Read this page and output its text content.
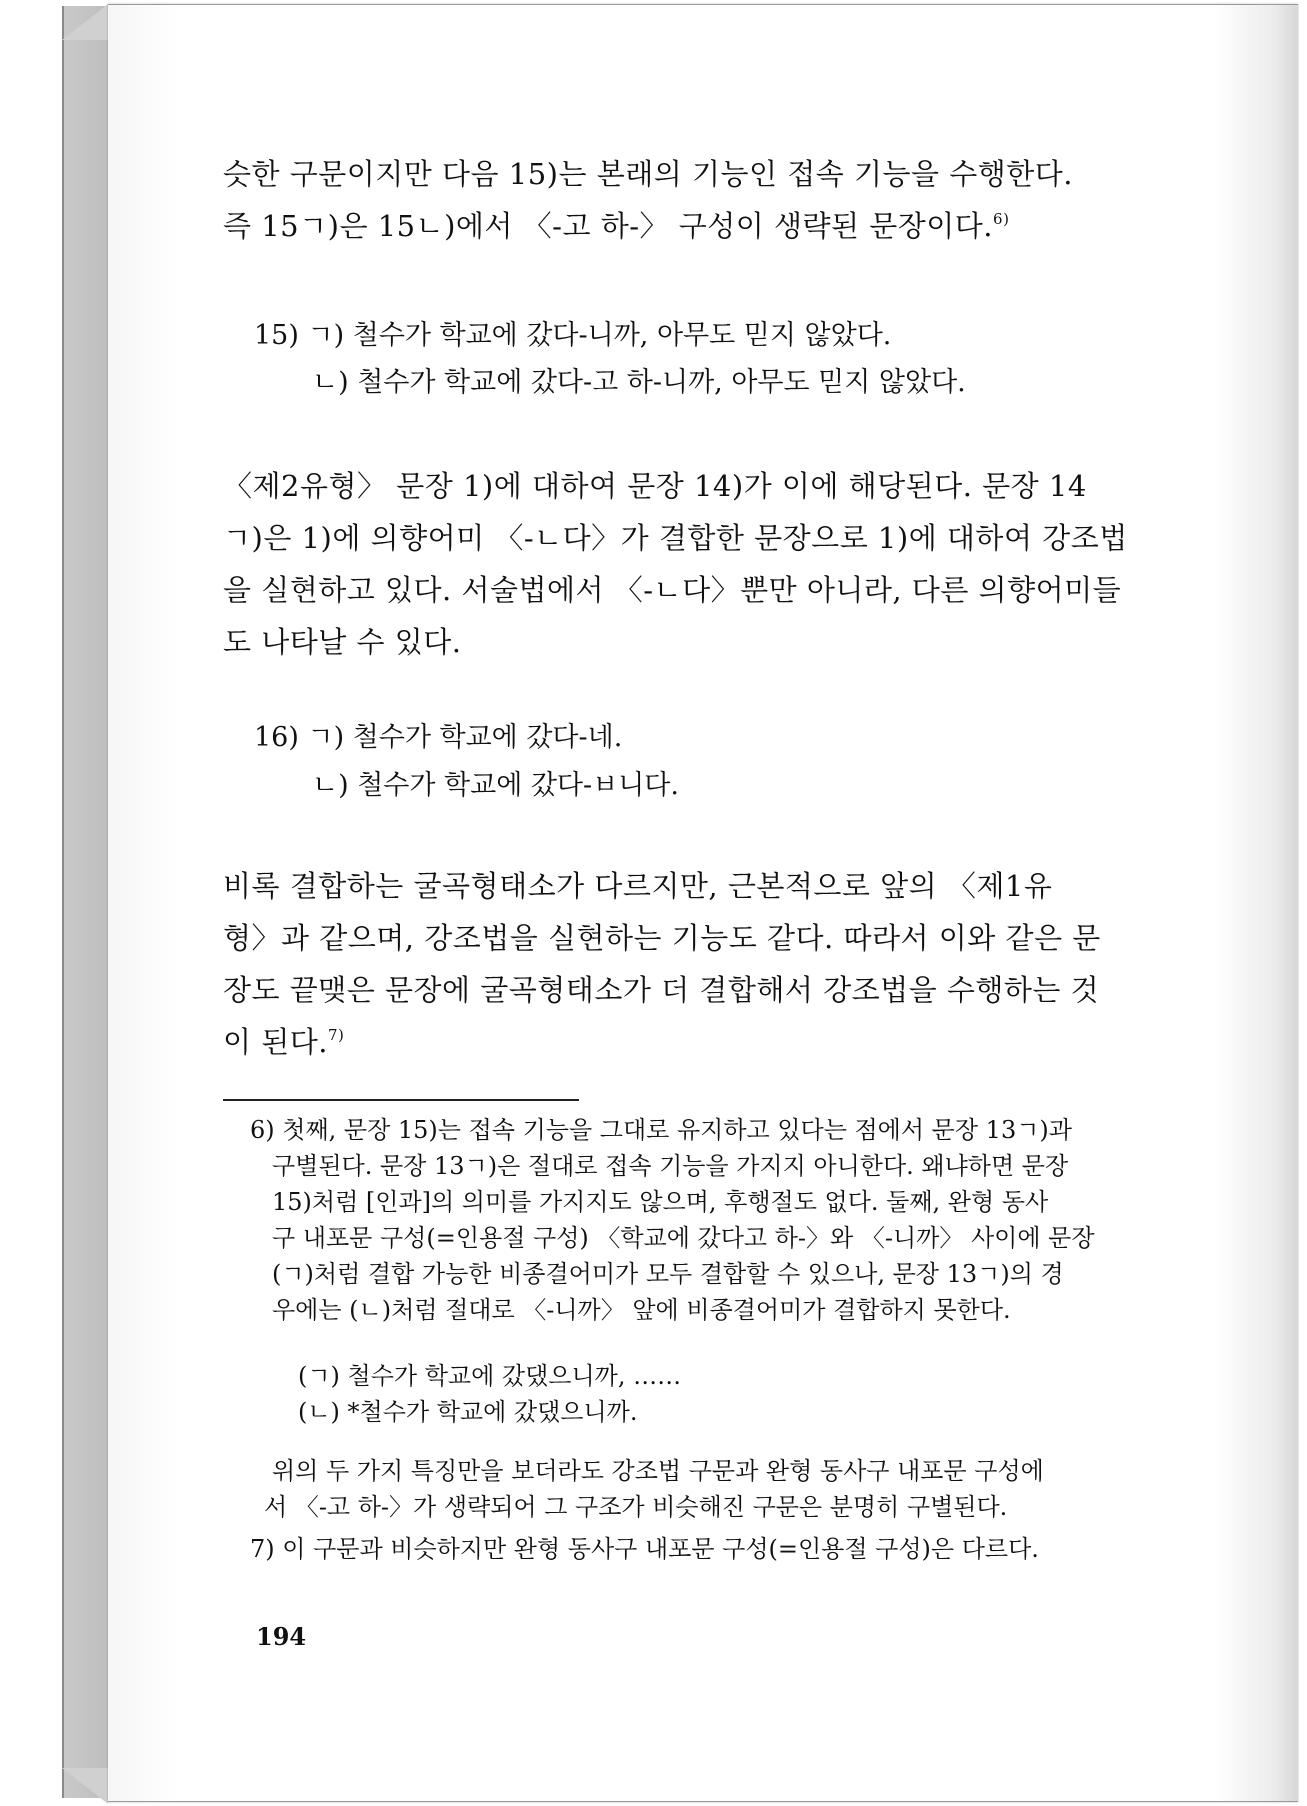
슷한 구문이지만 다음 15)는 본래의 기능인 접속 기능을 수행한다.

즉 15ㄱ)은 15ㄴ)에서 〈-고 하-〉 구성이 생략된 문장이다.$^{6)}$

15) ㄱ) 철수가 학교에 갔다-니까, 아무도 믿지 않았다.

ㄴ) 철수가 학교에 갔다-고 하-니까, 아무도 믿지 않았다.

〈제2유형〉 문장 1)에 대하여 문장 14)가 이에 해당된다. 문장 14

ㄱ)은 1)에 의향어미 〈-ㄴ다〉가 결합한 문장으로 1)에 대하여 강조법

을 실현하고 있다. 서술법에서 〈-ㄴ다〉뿐만 아니라, 다른 의향어미들

도 나타날 수 있다.

16) ㄱ) 철수가 학교에 갔다-네.

ㄴ) 철수가 학교에 갔다-ㅂ니다.

비록 결합하는 굴곡형태소가 다르지만, 근본적으로 앞의 〈제1유

형〉과 같으며, 강조법을 실현하는 기능도 같다. 따라서 이와 같은 문

장도 끝맺은 문장에 굴곡형태소가 더 결합해서 강조법을 수행하는 것

이 된다.$^{7)}$

6) 첫째, 문장 15)는 접속 기능을 그대로 유지하고 있다는 점에서 문장 13ㄱ)과
구별된다. 문장 13ㄱ)은 절대로 접속 기능을 가지지 아니한다. 왜냐하면 문장
15)처럼 [인과]의 의미를 가지지도 않으며, 후행절도 없다. 둘째, 완형 동사
구 내포문 구성(=인용절 구성) 〈학교에 갔다고 하-〉와 〈-니까〉 사이에 문장
(ㄱ)처럼 결합 가능한 비종결어미가 모두 결합할 수 있으나, 문장 13ㄱ)의 경
우에는 (ㄴ)처럼 절대로 〈-니까〉 앞에 비종결어미가 결합하지 못한다.
(ㄱ) 철수가 학교에 갔댔으니까, ……
(ㄴ) *철수가 학교에 갔댔으니까.
위의 두 가지 특징만을 보더라도 강조법 구문과 완형 동사구 내포문 구성에
서 〈-고 하-〉가 생략되어 그 구조가 비슷해진 구문은 분명히 구별된다.
7) 이 구문과 비슷하지만 완형 동사구 내포문 구성(=인용절 구성)은 다르다.
194
